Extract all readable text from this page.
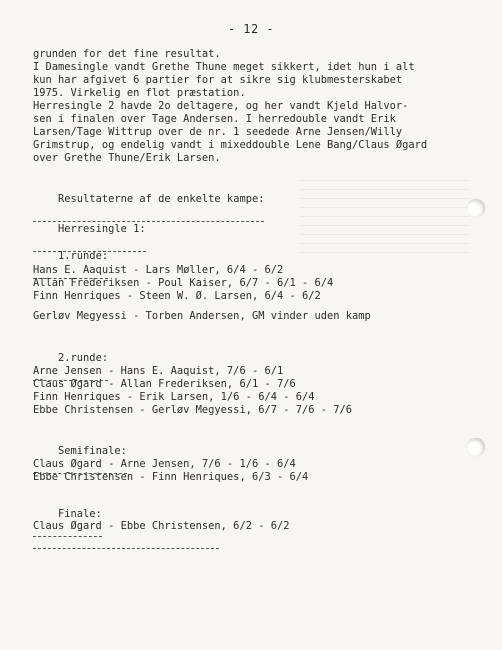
- 12 -
grunden for det fine resultat.
I Damesingle vandt Grethe Thune meget sikkert, idet hun i alt
kun har afgivet 6 partier for at sikre sig klubmesterskabet
1975. Virkelig en flot præstation.
Herresingle 2 havde 2o deltagere, og her vandt Kjeld Halvor-
sen i finalen over Tage Andersen. I herredouble vandt Erik
Larsen/Tage Wittrup over de nr. 1 seedede Arne Jensen/Willy
Grimstrup, og endelig vandt i mixeddouble Lene Bang/Claus Øgard
over Grethe Thune/Erik Larsen.

Resultaterne af de enkelte kampe:

Herresingle 1:

1.runde:

Hans E. Aaquist - Lars Møller, 6/4 - 6/2
Allan Frederiksen - Poul Kaiser, 6/7 - 6/1 - 6/4
Finn Henriques - Steen W. Ø. Larsen, 6/4 - 6/2
Gerløv Megyessi - Torben Andersen, GM vinder uden kamp

2.runde:

Arne Jensen - Hans E. Aaquist, 7/6 - 6/1
Claus Øgard - Allan Frederiksen, 6/1 - 7/6
Finn Henriques - Erik Larsen, 1/6 - 6/4 - 6/4
Ebbe Christensen - Gerløv Megyessi, 6/7 - 7/6 - 7/6

Semifinale:

Claus Øgard - Arne Jensen, 7/6 - 1/6 - 6/4
Ebbe Christensen - Finn Henriques, 6/3 - 6/4

Finale:

Claus Øgard - Ebbe Christensen, 6/2 - 6/2
